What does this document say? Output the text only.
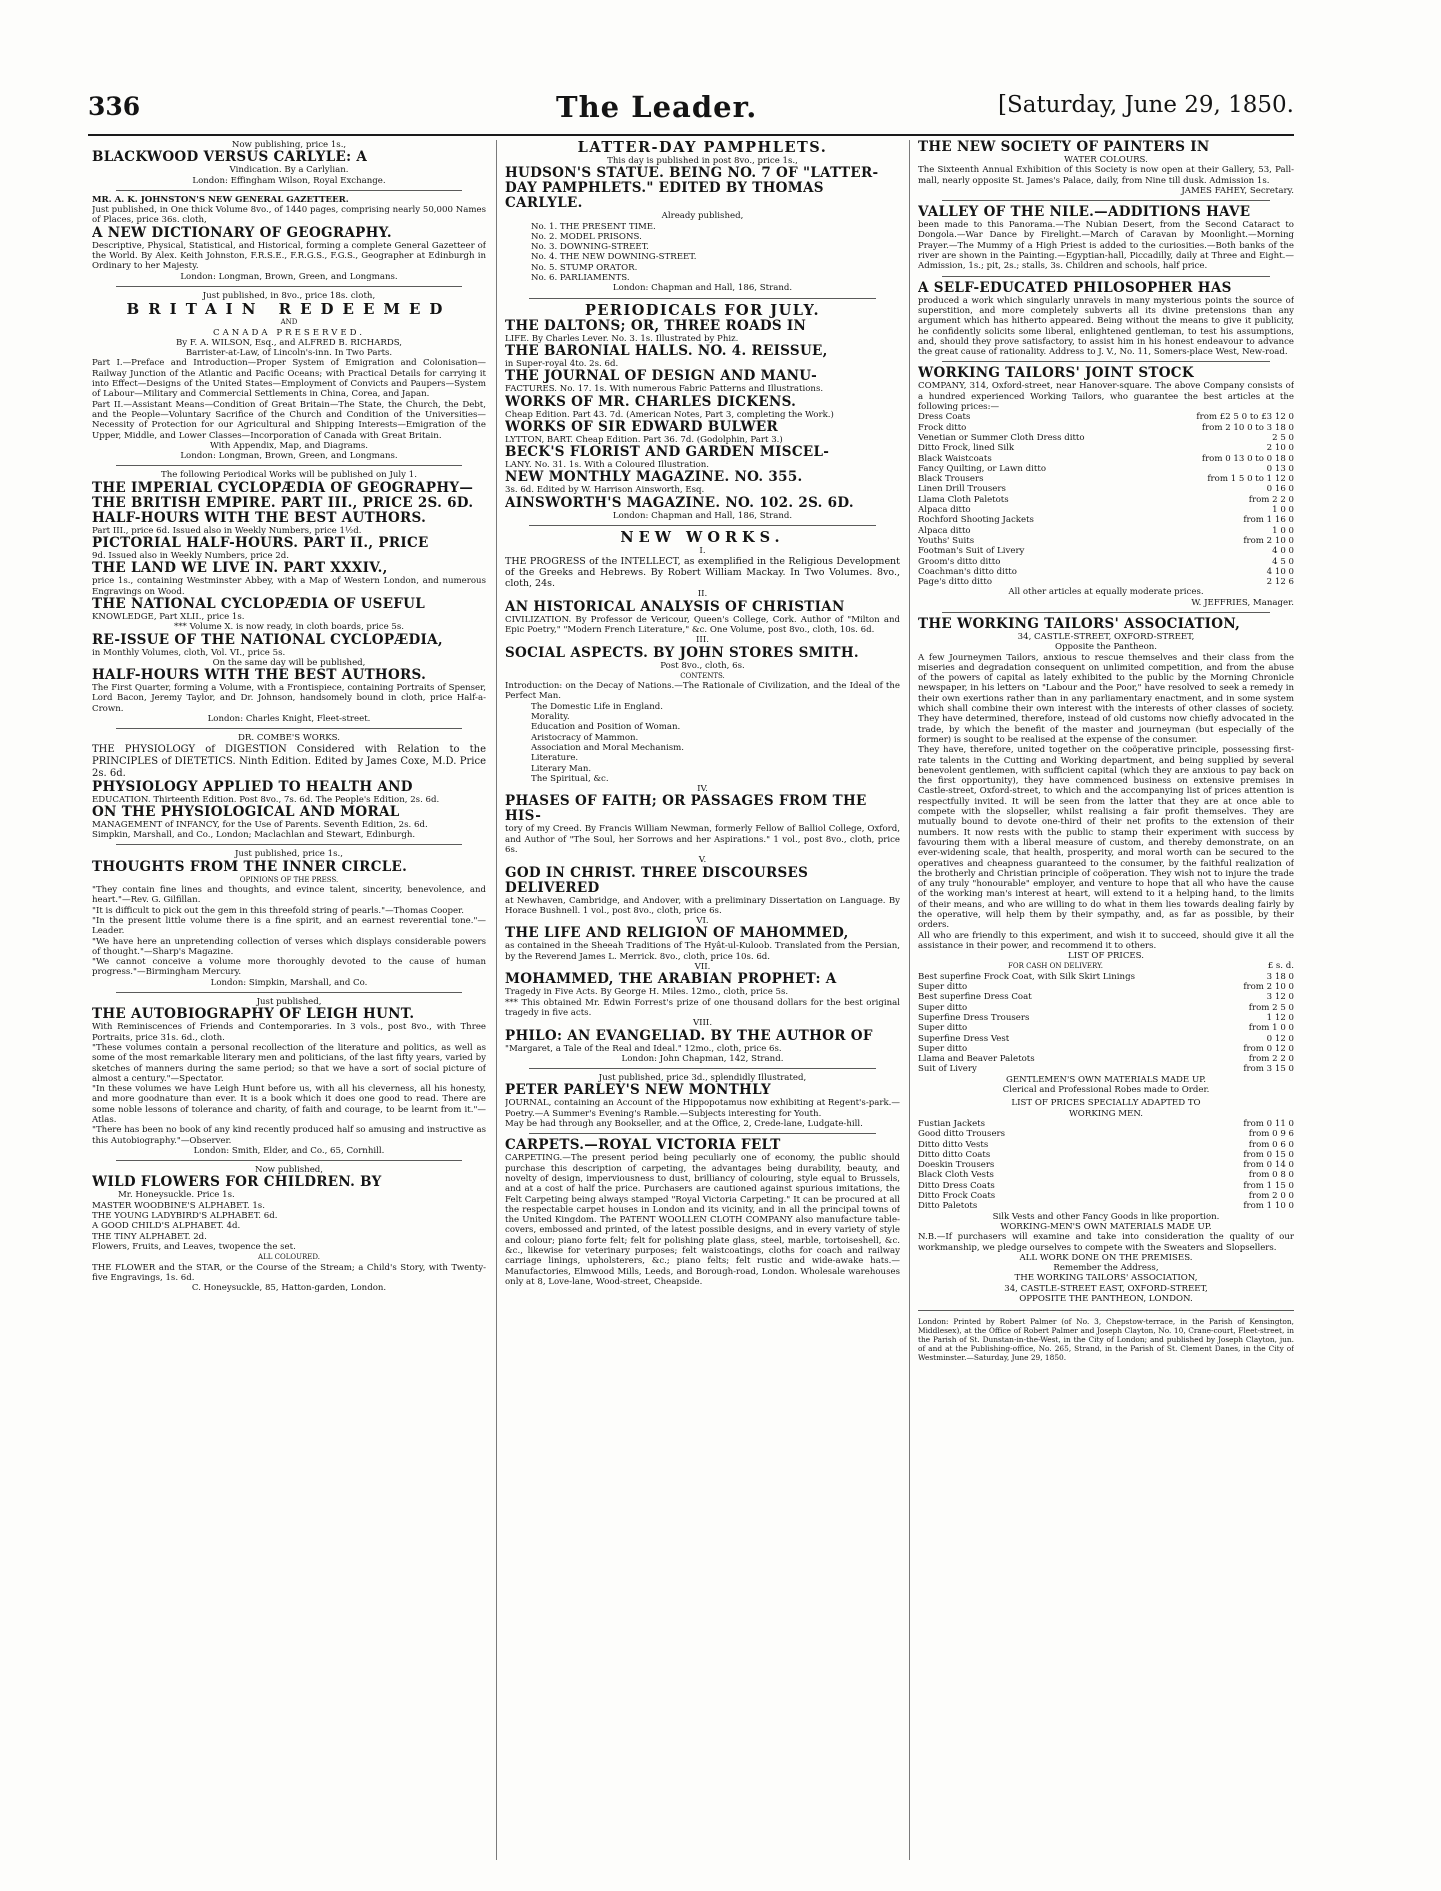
336	The Leader.	[Saturday, June 29, 1850.

Now publishing, price 1s.,

BLACKWOOD VERSUS CARLYLE: A

Vindication. By a Carlylian.

London: Effingham Wilson, Royal Exchange.

MR. A. K. JOHNSTON'S NEW GENERAL GAZETTEER.

Just published, in One thick Volume 8vo., of 1440 pages, comprising nearly 50,000 Names of Places, price 36s. cloth,

A NEW DICTIONARY OF GEOGRAPHY.

Descriptive, Physical, Statistical, and Historical, forming a complete General Gazetteer of the World. By Alex. Keith Johnston, F.R.S.E., F.R.G.S., F.G.S., Geographer at Edinburgh in Ordinary to her Majesty.

London: Longman, Brown, Green, and Longmans.

Just published, in 8vo., price 18s. cloth,

BRITAIN REDEEMED

AND

CANADA PRESERVED.

By F. A. WILSON, Esq., and ALFRED B. RICHARDS,

Barrister-at-Law, of Lincoln's-inn. In Two Parts.

Part I.—Preface and Introduction—Proper System of Emigration and Colonisation—Railway Junction of the Atlantic and Pacific Oceans; with Practical Details for carrying it into Effect—Designs of the United States—Employment of Convicts and Paupers—System of Labour—Military and Commercial Settlements in China, Corea, and Japan.

Part II.—Assistant Means—Condition of Great Britain—The State, the Church, the Debt, and the People—Voluntary Sacrifice of the Church and Condition of the Universities—Necessity of Protection for our Agricultural and Shipping Interests—Emigration of the Upper, Middle, and Lower Classes—Incorporation of Canada with Great Britain.

With Appendix, Map, and Diagrams.

London: Longman, Brown, Green, and Longmans.

The following Periodical Works will be published on July 1.

THE IMPERIAL CYCLOPÆDIA OF GEOGRAPHY—THE BRITISH EMPIRE. PART III., PRICE 2S. 6D.

HALF-HOURS WITH THE BEST AUTHORS.

Part III., price 6d. Issued also in Weekly Numbers, price 1½d.

PICTORIAL HALF-HOURS. PART II., PRICE

9d. Issued also in Weekly Numbers, price 2d.

THE LAND WE LIVE IN. PART XXXIV.,

price 1s., containing Westminster Abbey, with a Map of Western London, and numerous Engravings on Wood.

THE NATIONAL CYCLOPÆDIA OF USEFUL

KNOWLEDGE, Part XLII., price 1s.

*** Volume X. is now ready, in cloth boards, price 5s.

RE-ISSUE OF THE NATIONAL CYCLOPÆDIA,

in Monthly Volumes, cloth, Vol. VI., price 5s.

On the same day will be published,

HALF-HOURS WITH THE BEST AUTHORS.

The First Quarter, forming a Volume, with a Frontispiece, containing Portraits of Spenser, Lord Bacon, Jeremy Taylor, and Dr. Johnson, handsomely bound in cloth, price Half-a-Crown.

London: Charles Knight, Fleet-street.

DR. COMBE'S WORKS.

THE PHYSIOLOGY of DIGESTION Considered with Relation to the PRINCIPLES of DIETETICS. Ninth Edition. Edited by James Coxe, M.D. Price 2s. 6d.

PHYSIOLOGY APPLIED TO HEALTH AND

EDUCATION. Thirteenth Edition. Post 8vo., 7s. 6d. The People's Edition, 2s. 6d.

ON THE PHYSIOLOGICAL AND MORAL

MANAGEMENT of INFANCY, for the Use of Parents. Seventh Edition, 2s. 6d.

Simpkin, Marshall, and Co., London; Maclachlan and Stewart, Edinburgh.

Just published, price 1s.,

THOUGHTS FROM THE INNER CIRCLE.

OPINIONS OF THE PRESS.

"They contain fine lines and thoughts, and evince talent, sincerity, benevolence, and heart."—Rev. G. Gilfillan.

"It is difficult to pick out the gem in this threefold string of pearls."—Thomas Cooper.

"In the present little volume there is a fine spirit, and an earnest reverential tone."—Leader.

"We have here an unpretending collection of verses which displays considerable powers of thought."—Sharp's Magazine.

"We cannot conceive a volume more thoroughly devoted to the cause of human progress."—Birmingham Mercury.

London: Simpkin, Marshall, and Co.

Just published,

THE AUTOBIOGRAPHY OF LEIGH HUNT.

With Reminiscences of Friends and Contemporaries. In 3 vols., post 8vo., with Three Portraits, price 31s. 6d., cloth.

"These volumes contain a personal recollection of the literature and politics, as well as some of the most remarkable literary men and politicians, of the last fifty years, varied by sketches of manners during the same period; so that we have a sort of social picture of almost a century."—Spectator.

"In these volumes we have Leigh Hunt before us, with all his cleverness, all his honesty, and more goodnature than ever. It is a book which it does one good to read. There are some noble lessons of tolerance and charity, of faith and courage, to be learnt from it."—Atlas.

"There has been no book of any kind recently produced half so amusing and instructive as this Autobiography."—Observer.

London: Smith, Elder, and Co., 65, Cornhill.

Now published,

WILD FLOWERS FOR CHILDREN. BY

Mr. Honeysuckle. Price 1s.

MASTER WOODBINE'S ALPHABET. 1s.

THE YOUNG LADYBIRD'S ALPHABET. 6d.

A GOOD CHILD'S ALPHABET. 4d.

THE TINY ALPHABET. 2d.

Flowers, Fruits, and Leaves, twopence the set.

ALL COLOURED.

THE FLOWER and the STAR, or the Course of the Stream; a Child's Story, with Twenty-five Engravings, 1s. 6d.

C. Honeysuckle, 85, Hatton-garden, London.

LATTER-DAY PAMPHLETS.

This day is published in post 8vo., price 1s.,

HUDSON'S STATUE. BEING NO. 7 OF "LATTER-DAY PAMPHLETS." EDITED BY THOMAS CARLYLE.

Already published,

No. 1. THE PRESENT TIME.

No. 2. MODEL PRISONS.

No. 3. DOWNING-STREET.

No. 4. THE NEW DOWNING-STREET.

No. 5. STUMP ORATOR.

No. 6. PARLIAMENTS.

London: Chapman and Hall, 186, Strand.

PERIODICALS FOR JULY.

THE DALTONS; OR, THREE ROADS IN

LIFE. By Charles Lever. No. 3. 1s. Illustrated by Phiz.

THE BARONIAL HALLS. NO. 4. REISSUE,

in Super-royal 4to. 2s. 6d.

THE JOURNAL OF DESIGN AND MANU-

FACTURES. No. 17. 1s. With numerous Fabric Patterns and Illustrations.

WORKS OF MR. CHARLES DICKENS.

Cheap Edition. Part 43. 7d. (American Notes, Part 3, completing the Work.)

WORKS OF SIR EDWARD BULWER

LYTTON, BART. Cheap Edition. Part 36. 7d. (Godolphin, Part 3.)

BECK'S FLORIST AND GARDEN MISCEL-

LANY. No. 31. 1s. With a Coloured Illustration.

NEW MONTHLY MAGAZINE. NO. 355.

3s. 6d. Edited by W. Harrison Ainsworth, Esq.

AINSWORTH'S MAGAZINE. NO. 102. 2S. 6D.

London: Chapman and Hall, 186, Strand.

NEW WORKS.

I.

THE PROGRESS of the INTELLECT, as exemplified in the Religious Development of the Greeks and Hebrews. By Robert William Mackay. In Two Volumes. 8vo., cloth, 24s.

II.

AN HISTORICAL ANALYSIS OF CHRISTIAN

CIVILIZATION. By Professor de Vericour, Queen's College, Cork. Author of "Milton and Epic Poetry," "Modern French Literature," &c. One Volume, post 8vo., cloth, 10s. 6d.

III.

SOCIAL ASPECTS. BY JOHN STORES SMITH.

Post 8vo., cloth, 6s.

CONTENTS.

Introduction: on the Decay of Nations.—The Rationale of Civilization, and the Ideal of the Perfect Man.

The Domestic Life in England.

Morality.

Education and Position of Woman.

Aristocracy of Mammon.

Association and Moral Mechanism.

Literature.

Literary Man.

The Spiritual, &c.

IV.

PHASES OF FAITH; OR PASSAGES FROM THE HIS-

tory of my Creed. By Francis William Newman, formerly Fellow of Balliol College, Oxford, and Author of "The Soul, her Sorrows and her Aspirations." 1 vol., post 8vo., cloth, price 6s.

V.

GOD IN CHRIST. THREE DISCOURSES DELIVERED

at Newhaven, Cambridge, and Andover, with a preliminary Dissertation on Language. By Horace Bushnell. 1 vol., post 8vo., cloth, price 6s.

VI.

THE LIFE AND RELIGION OF MAHOMMED,

as contained in the Sheeah Traditions of The Hyât-ul-Kuloob. Translated from the Persian, by the Reverend James L. Merrick. 8vo., cloth, price 10s. 6d.

VII.

MOHAMMED, THE ARABIAN PROPHET: A

Tragedy in Five Acts. By George H. Miles. 12mo., cloth, price 5s.

*** This obtained Mr. Edwin Forrest's prize of one thousand dollars for the best original tragedy in five acts.

VIII.

PHILO: AN EVANGELIAD. BY THE AUTHOR OF

"Margaret, a Tale of the Real and Ideal." 12mo., cloth, price 6s.

London: John Chapman, 142, Strand.

Just published, price 3d., splendidly Illustrated,

PETER PARLEY'S NEW MONTHLY

JOURNAL, containing an Account of the Hippopotamus now exhibiting at Regent's-park.—Poetry.—A Summer's Evening's Ramble.—Subjects interesting for Youth.

May be had through any Bookseller, and at the Office, 2, Crede-lane, Ludgate-hill.

CARPETS.—ROYAL VICTORIA FELT

CARPETING.—The present period being peculiarly one of economy, the public should purchase this description of carpeting, the advantages being durability, beauty, and novelty of design, imperviousness to dust, brilliancy of colouring, style equal to Brussels, and at a cost of half the price. Purchasers are cautioned against spurious imitations, the Felt Carpeting being always stamped "Royal Victoria Carpeting." It can be procured at all the respectable carpet houses in London and its vicinity, and in all the principal towns of the United Kingdom. The PATENT WOOLLEN CLOTH COMPANY also manufacture table-covers, embossed and printed, of the latest possible designs, and in every variety of style and colour; piano forte felt; felt for polishing plate glass, steel, marble, tortoiseshell, &c. &c., likewise for veterinary purposes; felt waistcoatings, cloths for coach and railway carriage linings, upholsterers, &c.; piano felts; felt rustic and wide-awake hats.—Manufactories, Elmwood Mills, Leeds, and Borough-road, London. Wholesale warehouses only at 8, Love-lane, Wood-street, Cheapside.

THE NEW SOCIETY OF PAINTERS IN

WATER COLOURS.

The Sixteenth Annual Exhibition of this Society is now open at their Gallery, 53, Pall-mall, nearly opposite St. James's Palace, daily, from Nine till dusk. Admission 1s.

JAMES FAHEY, Secretary.

VALLEY OF THE NILE.—ADDITIONS HAVE

been made to this Panorama.—The Nubian Desert, from the Second Cataract to Dongola.—War Dance by Firelight.—March of Caravan by Moonlight.—Morning Prayer.—The Mummy of a High Priest is added to the curiosities.—Both banks of the river are shown in the Painting.—Egyptian-hall, Piccadilly, daily at Three and Eight.—Admission, 1s.; pit, 2s.; stalls, 3s. Children and schools, half price.

A SELF-EDUCATED PHILOSOPHER HAS

produced a work which singularly unravels in many mysterious points the source of superstition, and more completely subverts all its divine pretensions than any argument which has hitherto appeared. Being without the means to give it publicity, he confidently solicits some liberal, enlightened gentleman, to test his assumptions, and, should they prove satisfactory, to assist him in his honest endeavour to advance the great cause of rationality. Address to J. V., No. 11, Somers-place West, New-road.

WORKING TAILORS' JOINT STOCK

COMPANY, 314, Oxford-street, near Hanover-square. The above Company consists of a hundred experienced Working Tailors, who guarantee the best articles at the following prices:—

Dress Coats	from £2 5 0 to £3 12 0
Frock ditto	from 2 10 0 to 3 18 0
Venetian or Summer Cloth Dress ditto	2 5 0
Ditto Frock, lined Silk	2 10 0
Black Waistcoats	from 0 13 0 to 0 18 0
Fancy Quilting, or Lawn ditto	0 13 0
Black Trousers	from 1 5 0 to 1 12 0
Linen Drill Trousers	0 16 0
Llama Cloth Paletots	from 2 2 0
Alpaca ditto	1 0 0
Rochford Shooting Jackets	from 1 16 0
Alpaca ditto	1 0 0
Youths' Suits	from 2 10 0
Footman's Suit of Livery	4 0 0
Groom's ditto ditto	4 5 0
Coachman's ditto ditto	4 10 0
Page's ditto ditto	2 12 6

All other articles at equally moderate prices.

W. JEFFRIES, Manager.

THE WORKING TAILORS' ASSOCIATION,

34, CASTLE-STREET, OXFORD-STREET,

Opposite the Pantheon.

A few Journeymen Tailors, anxious to rescue themselves and their class from the miseries and degradation consequent on unlimited competition, and from the abuse of the powers of capital as lately exhibited to the public by the Morning Chronicle newspaper, in his letters on "Labour and the Poor," have resolved to seek a remedy in their own exertions rather than in any parliamentary enactment, and in some system which shall combine their own interest with the interests of other classes of society. They have determined, therefore, instead of old customs now chiefly advocated in the trade, by which the benefit of the master and journeyman (but especially of the former) is sought to be realised at the expense of the consumer.

They have, therefore, united together on the coöperative principle, possessing first-rate talents in the Cutting and Working department, and being supplied by several benevolent gentlemen, with sufficient capital (which they are anxious to pay back on the first opportunity), they have commenced business on extensive premises in Castle-street, Oxford-street, to which and the accompanying list of prices attention is respectfully invited. It will be seen from the latter that they are at once able to compete with the slopseller, whilst realising a fair profit themselves. They are mutually bound to devote one-third of their net profits to the extension of their numbers. It now rests with the public to stamp their experiment with success by favouring them with a liberal measure of custom, and thereby demonstrate, on an ever-widening scale, that health, prosperity, and moral worth can be secured to the operatives and cheapness guaranteed to the consumer, by the faithful realization of the brotherly and Christian principle of coöperation. They wish not to injure the trade of any truly "honourable" employer, and venture to hope that all who have the cause of the working man's interest at heart, will extend to it a helping hand, to the limits of their means, and who are willing to do what in them lies towards dealing fairly by the operative, will help them by their sympathy, and, as far as possible, by their orders.

All who are friendly to this experiment, and wish it to succeed, should give it all the assistance in their power, and recommend it to others.

LIST OF PRICES.

FOR CASH ON DELIVERY.	£ s. d.
Best superfine Frock Coat, with Silk Skirt Linings	3 18 0
Super ditto	from 2 10 0
Best superfine Dress Coat	3 12 0
Super ditto	from 2 5 0
Superfine Dress Trousers	1 12 0
Super ditto	from 1 0 0
Superfine Dress Vest	0 12 0
Super ditto	from 0 12 0
Llama and Beaver Paletots	from 2 2 0
Suit of Livery	from 3 15 0

GENTLEMEN'S OWN MATERIALS MADE UP.

Clerical and Professional Robes made to Order.

LIST OF PRICES SPECIALLY ADAPTED TO

WORKING MEN.

Fustian Jackets	from 0 11 0
Good ditto Trousers	from 0 9 6
Ditto ditto Vests	from 0 6 0
Ditto ditto Coats	from 0 15 0
Doeskin Trousers	from 0 14 0
Black Cloth Vests	from 0 8 0
Ditto Dress Coats	from 1 15 0
Ditto Frock Coats	from 2 0 0
Ditto Paletots	from 1 10 0

Silk Vests and other Fancy Goods in like proportion.

WORKING-MEN'S OWN MATERIALS MADE UP.

N.B.—If purchasers will examine and take into consideration the quality of our workmanship, we pledge ourselves to compete with the Sweaters and Slopsellers.

ALL WORK DONE ON THE PREMISES.

Remember the Address,

THE WORKING TAILORS' ASSOCIATION,

34, CASTLE-STREET EAST, OXFORD-STREET,

OPPOSITE THE PANTHEON, LONDON.

London: Printed by Robert Palmer (of No. 3, Chepstow-terrace, in the Parish of Kensington, Middlesex), at the Office of Robert Palmer and Joseph Clayton, No. 10, Crane-court, Fleet-street, in the Parish of St. Dunstan-in-the-West, in the City of London; and published by Joseph Clayton, jun. of and at the Publishing-office, No. 265, Strand, in the Parish of St. Clement Danes, in the City of Westminster.—Saturday, June 29, 1850.
